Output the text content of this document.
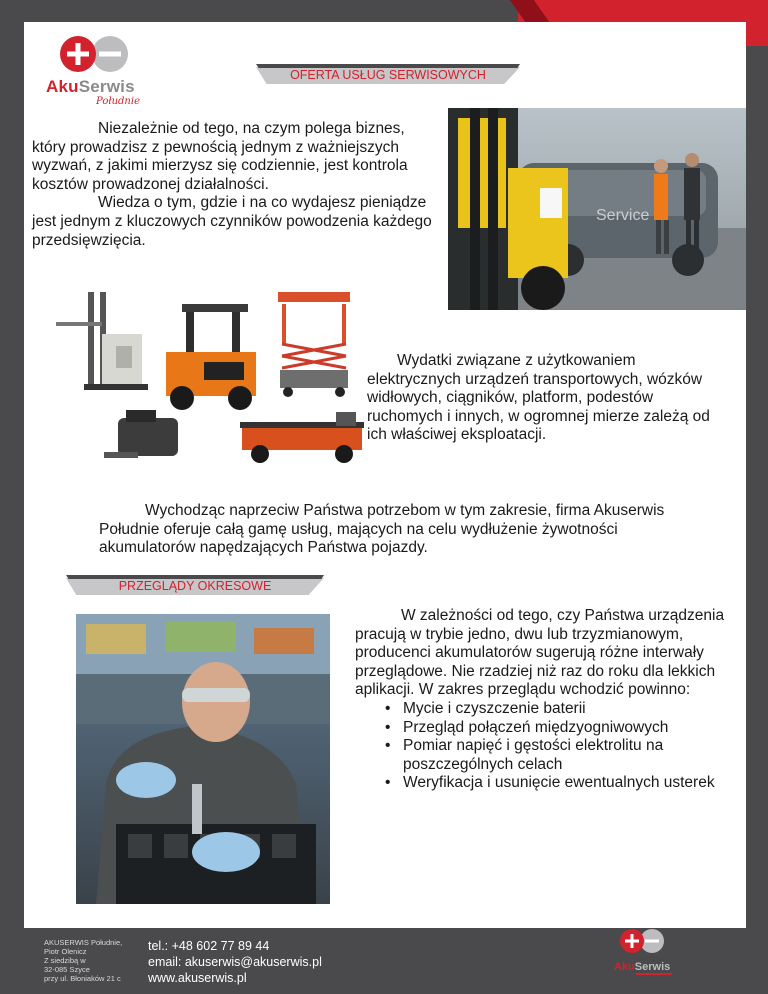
AkuSerwis
Południe
OFERTA USŁUG SERWISOWYCH
Niezależnie od tego, na czym polega biznes, który prowadzisz z pewnością jednym z ważniejszych wyzwań, z jakimi mierzysz się codziennie, jest kontrola kosztów prowadzonej działalności.
Wiedza o tym, gdzie i na co wydajesz pieniądze jest jednym z kluczowych czynników powodzenia każdego przedsięwzięcia.
Service
Wydatki związane z użytkowaniem elektrycznych urządzeń transportowych, wózków widłowych, ciągników, platform, podestów ruchomych i innych, w ogromnej mierze zależą od ich właściwej eksploatacji.
Wychodząc naprzeciw Państwa potrzebom w tym zakresie, firma Akuserwis Południe oferuje całą gamę usług, mających na celu wydłużenie żywotności akumulatorów napędzających Państwa pojazdy.
PRZEGLĄDY OKRESOWE
W zależności od tego, czy Państwa urządzenia pracują w trybie jedno, dwu lub trzyzmianowym, producenci akumulatorów sugerują różne interwały przeglądowe. Nie rzadziej niż raz do roku dla lekkich aplikacji. W zakres przeglądu wchodzić powinno:
• Mycie i czyszczenie baterii
• Przegląd połączeń międzyogniwowych
• Pomiar napięć i gęstości elektrolitu na poszczególnych celach
• Weryfikacja i usunięcie ewentualnych usterek
AKUSERWIS Południe,
Piotr Olenicz
Z siedzibą w
32-085 Szyce
przy ul. Błoniaków 21 c
tel.: +48 602 77 89 44
email: akuserwis@akuserwis.pl
www.akuserwis.pl
AkuSerwis
